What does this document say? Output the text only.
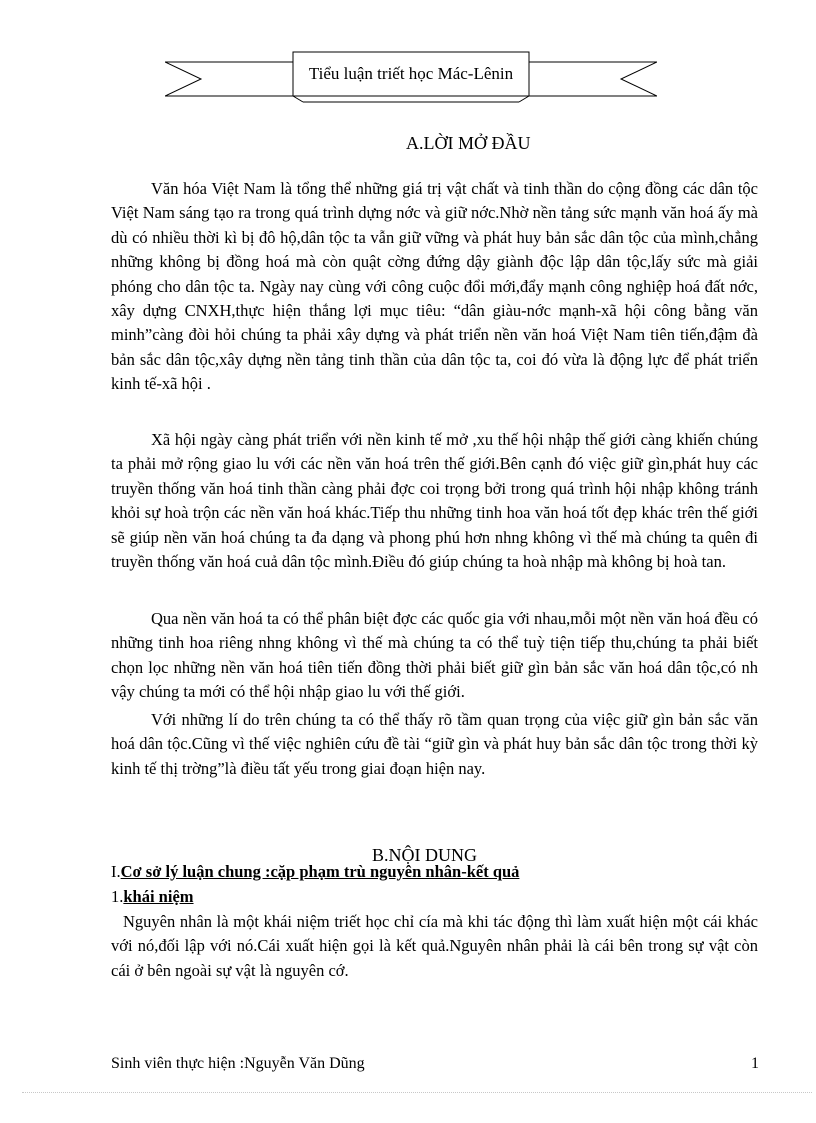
Tiểu luận triết học Mác-Lênin
A.LỜI MỞ ĐẦU

Văn hóa Việt Nam là tổng thể những giá trị vật chất và tinh thần do cộng đồng các dân tộc Việt Nam sáng tạo ra trong quá trình dựng nớc và giữ nớc.Nhờ nền tảng sức mạnh văn hoá ấy mà dù có nhiều thời kì bị đô hộ,dân tộc ta vẫn giữ vững và phát huy bản sắc dân tộc của mình,chẳng những không bị đồng hoá mà còn quật cờng đứng dậy giành độc lập dân tộc,lấy sức mà giải phóng cho dân tộc ta. Ngày nay cùng với công cuộc đổi mới,đẩy mạnh công nghiệp hoá đất nớc, xây dựng CNXH,thực hiện thắng lợi mục tiêu: “dân giàu-nớc mạnh-xã hội công bằng văn minh”càng đòi hỏi chúng ta phải xây dựng và phát triển nền văn hoá Việt Nam tiên tiến,đậm đà bản sắc dân tộc,xây dựng nền tảng tinh thần của dân tộc ta, coi đó vừa là động lực để phát triển kinh tế-xã hội .

Xã hội ngày càng phát triển với nền kinh tế mở ,xu thế hội nhập thế giới càng khiến chúng ta phải mở rộng giao lu với các nền văn hoá trên thế giới.Bên cạnh đó việc giữ gìn,phát huy các truyền thống văn hoá tinh thần càng phải đợc coi trọng bởi trong quá trình hội nhập không tránh khỏi sự hoà trộn các nền văn hoá khác.Tiếp thu những tinh hoa văn hoá tốt đẹp khác trên thế giới sẽ giúp nền văn hoá chúng ta đa dạng và phong phú hơn nhng không vì thế mà chúng ta quên đi truyền thống văn hoá cuả dân tộc mình.Điều đó giúp chúng ta hoà nhập mà không bị hoà tan.

Qua nền văn hoá ta có thể phân biệt đợc các quốc gia với nhau,mỗi một nền văn hoá đều có những tinh hoa riêng nhng không vì thế mà chúng ta có thể tuỳ tiện tiếp thu,chúng ta phải biết chọn lọc những nền văn hoá tiên tiến đồng thời phải biết giữ gìn bản sắc văn hoá dân tộc,có nh vậy chúng ta mới có thể hội nhập giao lu với thế giới.

Với những lí do trên chúng ta có thể thấy rõ tầm quan trọng của việc giữ gìn bản sắc văn hoá dân tộc.Cũng vì thế việc nghiên cứu đề tài “giữ gìn và phát huy bản sắc dân tộc trong thời kỳ kinh tế thị trờng”là điều tất yếu trong giai đoạn hiện nay.

B.NỘI DUNG
I.Cơ sở lý luận chung :cặp phạm trù nguyên nhân-kết quả
1.khái niệm

Nguyên nhân là một khái niệm triết học chỉ cía mà khi tác động thì làm xuất hiện một cái khác với nó,đối lập với nó.Cái xuất hiện gọi là kết quả.Nguyên nhân phải là cái bên trong sự vật còn cái ở bên ngoài sự vật là nguyên cớ.

Sinh viên thực hiện :Nguyễn Văn Dũng	1
